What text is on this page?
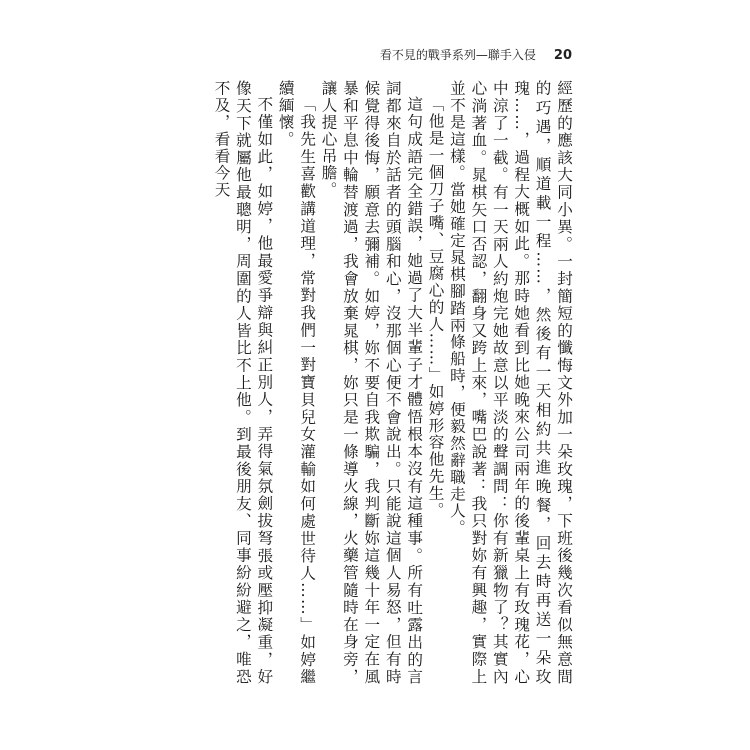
看不見的戰爭系列—聯手入侵 20

經歷的應該大同小異。一封簡短的懺悔文外加一朵玫瑰，下班後幾次看似無意間的巧遇，順道載一程……，然後有一天相約共進晚餐，回去時再送一朵玫瑰……，過程大概如此。那時她看到比她晚來公司兩年的後輩桌上有玫瑰花，心中涼了一截。有一天兩人約炮完她故意以平淡的聲調問：你有新獵物了？其實內心淌著血。晁棋矢口否認，翻身又跨上來，嘴巴說著：我只對妳有興趣，實際上並不是這樣。當她確定晁棋腳踏兩條船時，便毅然辭職走人。

「他是一個刀子嘴、豆腐心的人……」如婷形容他先生。

這句成語完全錯誤，她過了大半輩子才體悟根本沒有這種事。所有吐露出的言詞都來自於話者的頭腦和心，沒那個心便不會說出。只能說這個人易怒，但有時候覺得後悔，願意去彌補。如婷，妳不要自我欺騙，我判斷妳這幾十年一定在風暴和平息中輪替渡過，我會放棄晁棋，妳只是一條導火線，火藥管隨時在身旁，讓人提心吊膽。

「我先生喜歡講道理，常對我們一對寶貝兒女灌輸如何處世待人……」如婷繼續緬懷。

不僅如此，如婷，他最愛爭辯與糾正別人，弄得氣氛劍拔弩張或壓抑凝重，好像天下就屬他最聰明，周圍的人皆比不上他。到最後朋友、同事紛紛避之，唯恐不及，看看今天
